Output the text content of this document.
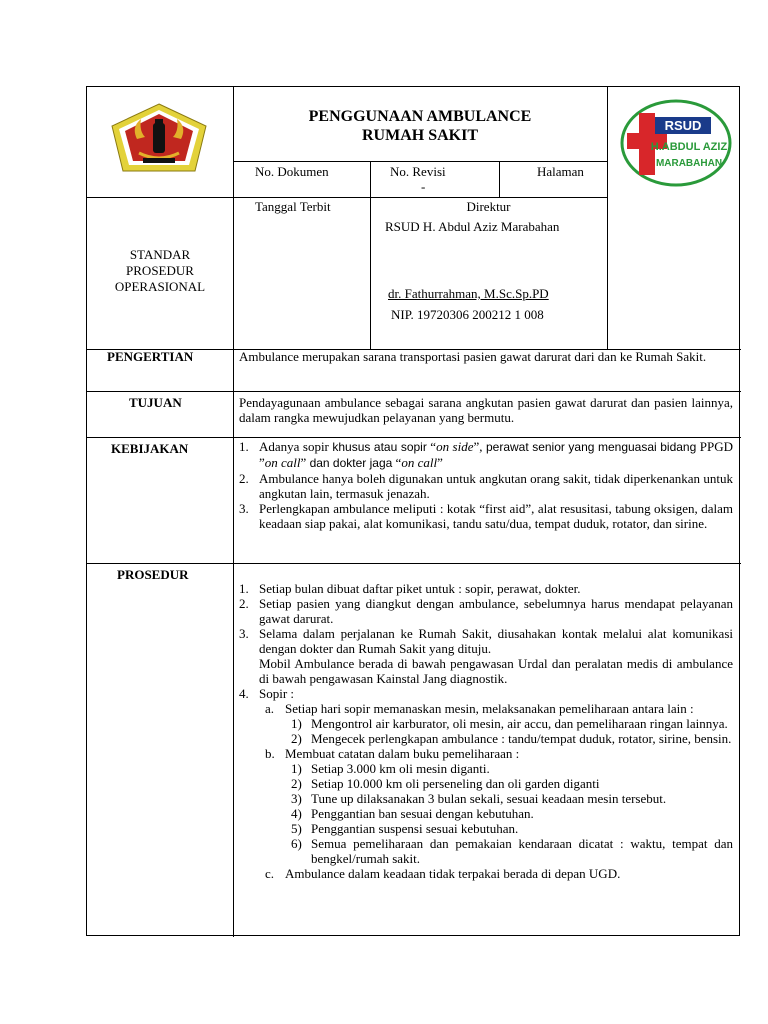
PENGGUNAAN AMBULANCE
RUMAH SAKIT
RSUD
H.ABDUL AZIZ
MARABAHAN
No. Dokumen	No. Revisi
-
Halaman
STANDAR
PROSEDUR
OPERASIONAL
Tanggal Terbit	Direktur
RSUD H. Abdul Aziz Marabahan
dr. Fathurrahman, M.Sc.Sp.PD
NIP. 19720306 200212 1 008
PENGERTIAN	Ambulance merupakan sarana transportasi pasien gawat darurat dari dan ke Rumah Sakit.
TUJUAN	Pendayagunaan ambulance sebagai sarana angkutan pasien gawat darurat dan pasien lainnya, dalam rangka mewujudkan pelayanan yang bermutu.
KEBIJAKAN	1. Adanya sopir khusus atau sopir “on side”, perawat senior yang menguasai bidang PPGD ”on call” dan dokter jaga “on call”
2. Ambulance hanya boleh digunakan untuk angkutan orang sakit, tidak diperkenankan untuk angkutan lain, termasuk jenazah.
3. Perlengkapan ambulance meliputi : kotak “first aid”, alat resusitasi, tabung oksigen, dalam keadaan siap pakai, alat komunikasi, tandu satu/dua, tempat duduk, rotator, dan sirine.
PROSEDUR
1. Setiap bulan dibuat daftar piket untuk : sopir, perawat, dokter.
2. Setiap pasien yang diangkut dengan ambulance, sebelumnya harus mendapat pelayanan gawat darurat.
3. Selama dalam perjalanan ke Rumah Sakit, diusahakan kontak melalui alat komunikasi dengan dokter dan Rumah Sakit yang dituju.
Mobil Ambulance berada di bawah pengawasan Urdal dan peralatan medis di ambulance di bawah pengawasan Kainstal Jang diagnostik.
4. Sopir :
a. Setiap hari sopir memanaskan mesin, melaksanakan pemeliharaan antara lain :
1) Mengontrol air karburator, oli mesin, air accu, dan pemeliharaan ringan lainnya.
2) Mengecek perlengkapan ambulance : tandu/tempat duduk, rotator, sirine, bensin.
b. Membuat catatan dalam buku pemeliharaan :
1) Setiap 3.000 km oli mesin diganti.
2) Setiap 10.000 km oli perseneling dan oli garden diganti
3) Tune up dilaksanakan 3 bulan sekali, sesuai keadaan mesin tersebut.
4) Penggantian ban sesuai dengan kebutuhan.
5) Penggantian suspensi sesuai kebutuhan.
6) Semua pemeliharaan dan pemakaian kendaraan dicatat : waktu, tempat dan bengkel/rumah sakit.
c. Ambulance dalam keadaan tidak terpakai berada di depan UGD.
